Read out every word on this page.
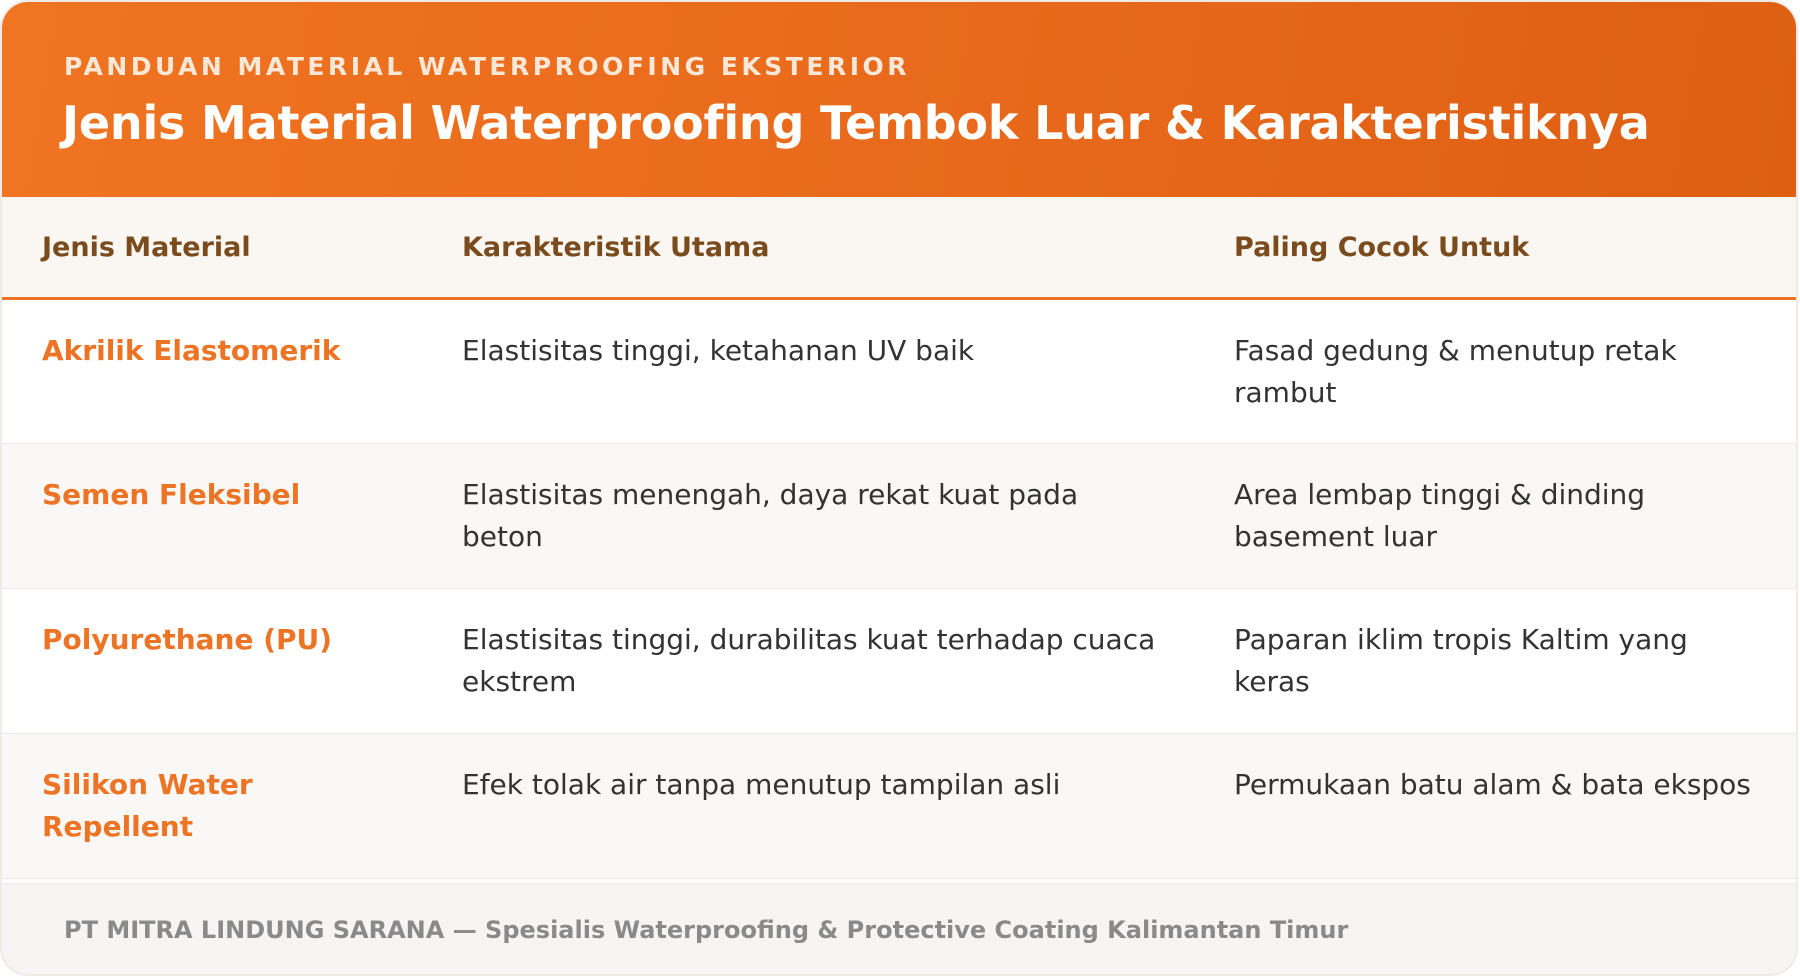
PANDUAN MATERIAL WATERPROOFING EKSTERIOR
Jenis Material Waterproofing Tembok Luar & Karakteristiknya
Jenis Material	Karakteristik Utama	Paling Cocok Untuk
Akrilik Elastomerik	Elastisitas tinggi, ketahanan UV baik	Fasad gedung & menutup retak rambut
Semen Fleksibel	Elastisitas menengah, daya rekat kuat pada beton	Area lembap tinggi & dinding basement luar
Polyurethane (PU)	Elastisitas tinggi, durabilitas kuat terhadap cuaca ekstrem	Paparan iklim tropis Kaltim yang keras
Silikon Water Repellent	Efek tolak air tanpa menutup tampilan asli	Permukaan batu alam & bata ekspos
PT MITRA LINDUNG SARANA — Spesialis Waterproofing & Protective Coating Kalimantan Timur
